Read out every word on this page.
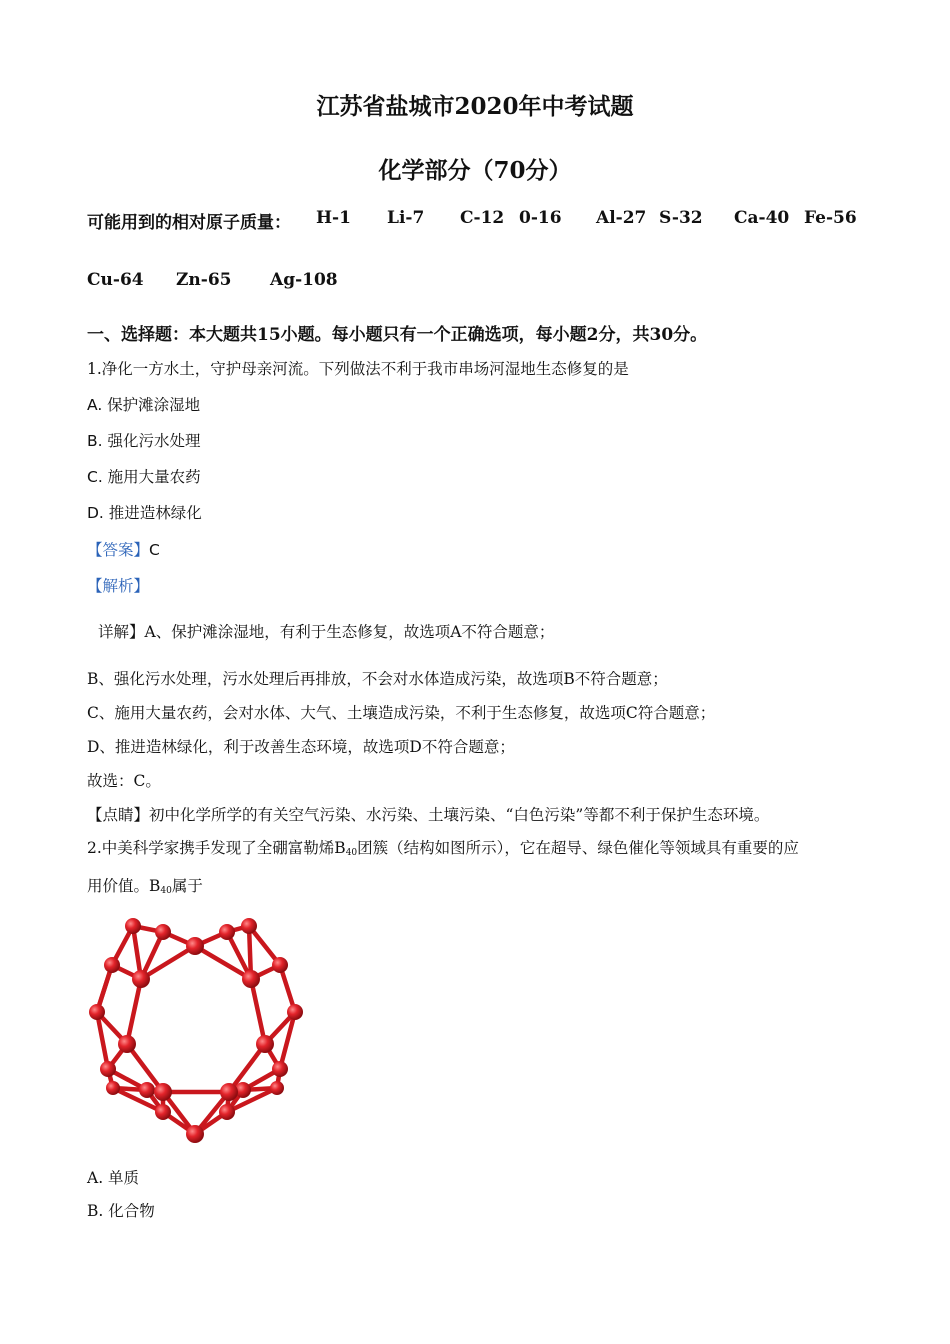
江苏省盐城市2020年中考试题
化学部分（70分）
可能用到的相对原子质量： H-1 Li-7 C-12 0-16 Al-27 S-32 Ca-40 Fe-56
Cu-64 Zn-65 Ag-108
一、选择题：本大题共15小题。每小题只有一个正确选项，每小题2分，共30分。
1.净化一方水土，守护母亲河流。下列做法不利于我市串场河湿地生态修复的是
A. 保护滩涂湿地
B. 强化污水处理
C. 施用大量农药
D. 推进造林绿化
【答案】C
【解析】
详解】A、保护滩涂湿地，有利于生态修复，故选项A不符合题意；
B、强化污水处理，污水处理后再排放，不会对水体造成污染，故选项B不符合题意；
C、施用大量农药，会对水体、大气、土壤造成污染，不利于生态修复，故选项C符合题意；
D、推进造林绿化，利于改善生态环境，故选项D不符合题意；
故选：C。
【点睛】初中化学所学的有关空气污染、水污染、土壤污染、“白色污染”等都不利于保护生态环境。
2.中美科学家携手发现了全硼富勒烯$B_{40}$团簇（结构如图所示），它在超导、绿色催化等领域具有重要的应
用价值。$B_{40}$属于
A. 单质
B. 化合物
